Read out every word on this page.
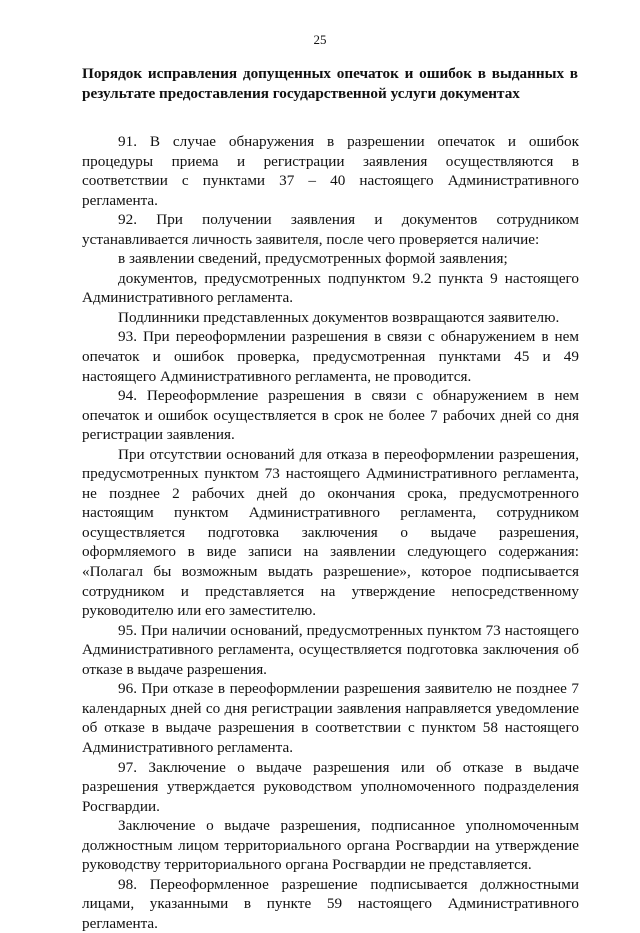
25
Порядок исправления допущенных опечаток и ошибок в выданных в результате предоставления государственной услуги документах

91. В случае обнаружения в разрешении опечаток и ошибок процедуры приема и регистрации заявления осуществляются в соответствии с пунктами 37 – 40 настоящего Административного регламента.

92. При получении заявления и документов сотрудником устанавливается личность заявителя, после чего проверяется наличие:

в заявлении сведений, предусмотренных формой заявления;

документов, предусмотренных подпунктом 9.2 пункта 9 настоящего Административного регламента.

Подлинники представленных документов возвращаются заявителю.

93. При переоформлении разрешения в связи с обнаружением в нем опечаток и ошибок проверка, предусмотренная пунктами 45 и 49 настоящего Административного регламента, не проводится.

94. Переоформление разрешения в связи с обнаружением в нем опечаток и ошибок осуществляется в срок не более 7 рабочих дней со дня регистрации заявления.

При отсутствии оснований для отказа в переоформлении разрешения, предусмотренных пунктом 73 настоящего Административного регламента, не позднее 2 рабочих дней до окончания срока, предусмотренного настоящим пунктом Административного регламента, сотрудником осуществляется подготовка заключения о выдаче разрешения, оформляемого в виде записи на заявлении следующего содержания: «Полагал бы возможным выдать разрешение», которое подписывается сотрудником и представляется на утверждение непосредственному руководителю или его заместителю.

95. При наличии оснований, предусмотренных пунктом 73 настоящего Административного регламента, осуществляется подготовка заключения об отказе в выдаче разрешения.

96. При отказе в переоформлении разрешения заявителю не позднее 7 календарных дней со дня регистрации заявления направляется уведомление об отказе в выдаче разрешения в соответствии с пунктом 58 настоящего Административного регламента.

97. Заключение о выдаче разрешения или об отказе в выдаче разрешения утверждается руководством уполномоченного подразделения Росгвардии.

Заключение о выдаче разрешения, подписанное уполномоченным должностным лицом территориального органа Росгвардии на утверждение руководству территориального органа Росгвардии не представляется.

98. Переоформленное разрешение подписывается должностными лицами, указанными в пункте 59 настоящего Административного регламента.
